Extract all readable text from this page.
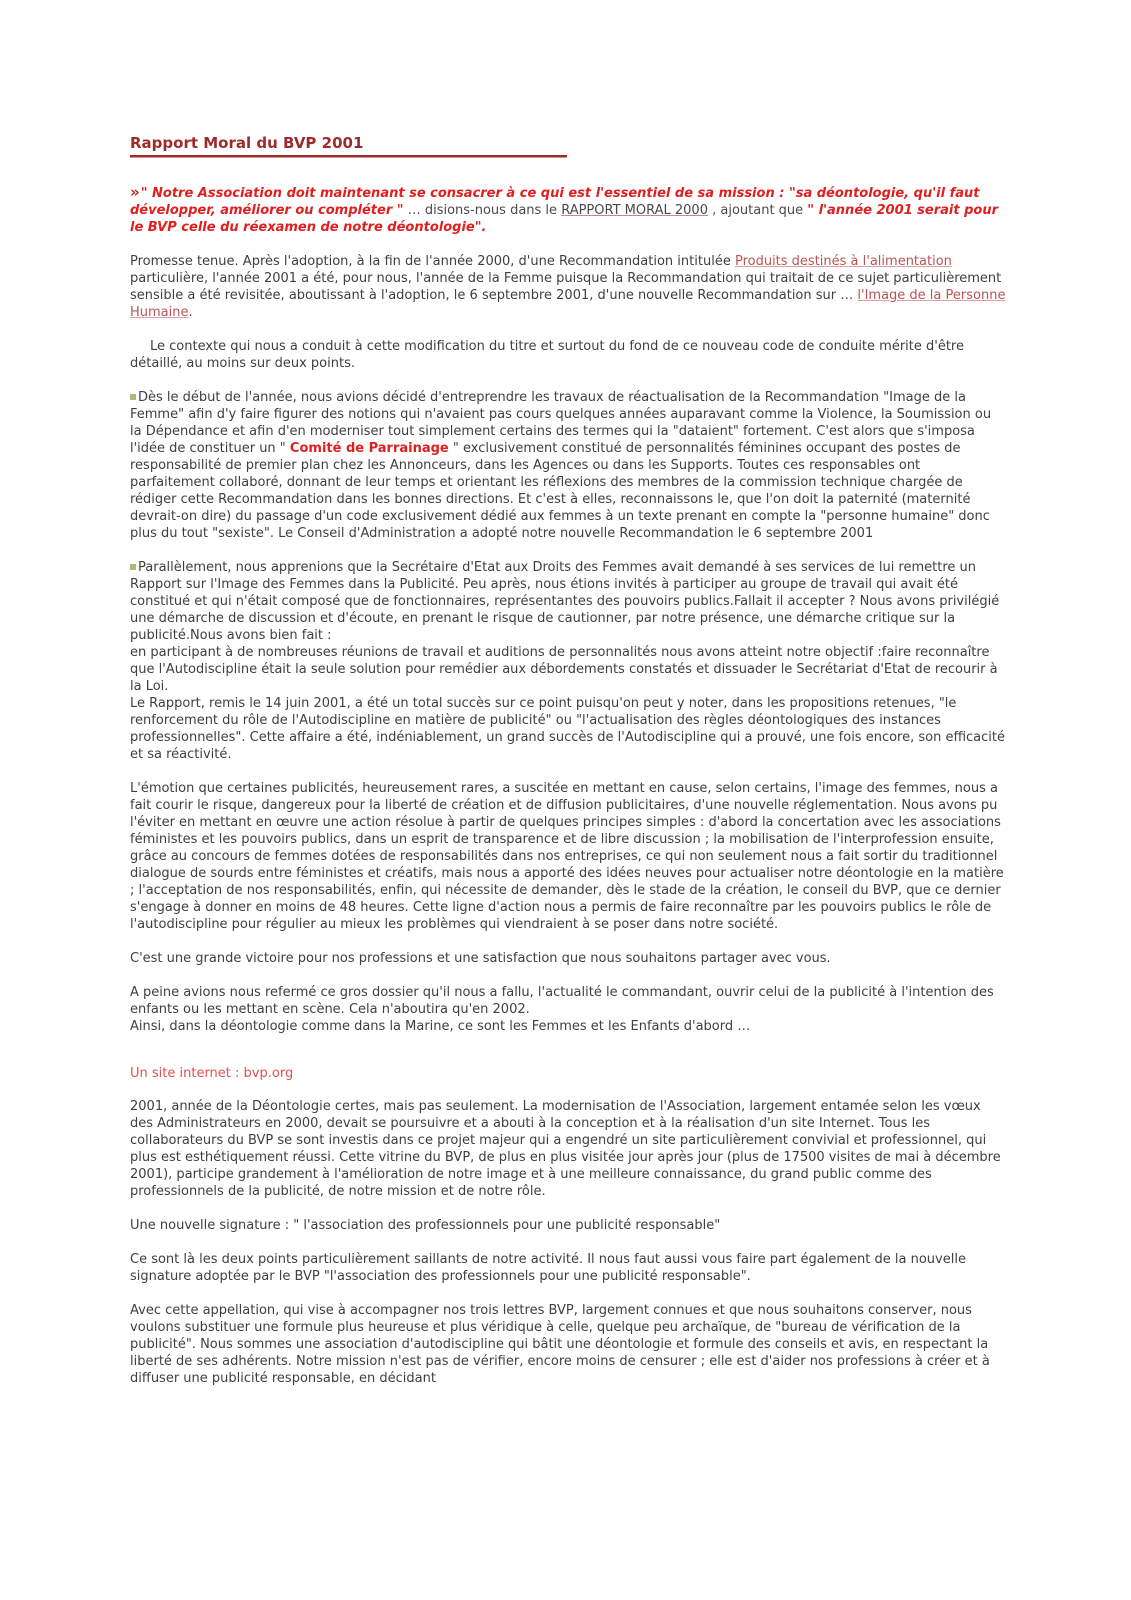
Rapport Moral du BVP 2001

» " Notre Association doit maintenant se consacrer à ce qui est l'essentiel de sa mission : "sa déontologie, qu'il faut développer, améliorer ou compléter " … disions-nous dans le RAPPORT MORAL 2000 , ajoutant que " l'année 2001 serait pour le BVP celle du réexamen de notre déontologie".

Promesse tenue. Après l'adoption, à la fin de l'année 2000, d'une Recommandation intitulée Produits destinés à l'alimentation particulière, l'année 2001 a été, pour nous, l'année de la Femme puisque la Recommandation qui traitait de ce sujet particulièrement sensible a été revisitée, aboutissant à l'adoption, le 6 septembre 2001, d'une nouvelle Recommandation sur … l'Image de la Personne Humaine.

Le contexte qui nous a conduit à cette modification du titre et surtout du fond de ce nouveau code de conduite mérite d'être détaillé, au moins sur deux points.

Dès le début de l'année, nous avions décidé d'entreprendre les travaux de réactualisation de la Recommandation "Image de la Femme" afin d'y faire figurer des notions qui n'avaient pas cours quelques années auparavant comme la Violence, la Soumission ou la Dépendance et afin d'en moderniser tout simplement certains des termes qui la "dataient" fortement. C'est alors que s'imposa l'idée de constituer un " Comité de Parrainage " exclusivement constitué de personnalités féminines occupant des postes de responsabilité de premier plan chez les Annonceurs, dans les Agences ou dans les Supports. Toutes ces responsables ont parfaitement collaboré, donnant de leur temps et orientant les réflexions des membres de la commission technique chargée de rédiger cette Recommandation dans les bonnes directions. Et c'est à elles, reconnaissons le, que l'on doit la paternité (maternité devrait-on dire) du passage d'un code exclusivement dédié aux femmes à un texte prenant en compte la "personne humaine" donc plus du tout "sexiste". Le Conseil d'Administration a adopté notre nouvelle Recommandation le 6 septembre 2001

Parallèlement, nous apprenions que la Secrétaire d'Etat aux Droits des Femmes avait demandé à ses services de lui remettre un Rapport sur l'Image des Femmes dans la Publicité. Peu après, nous étions invités à participer au groupe de travail qui avait été constitué et qui n'était composé que de fonctionnaires, représentantes des pouvoirs publics.Fallait il accepter ? Nous avons privilégié une démarche de discussion et d'écoute, en prenant le risque de cautionner, par notre présence, une démarche critique sur la publicité.Nous avons bien fait :
en participant à de nombreuses réunions de travail et auditions de personnalités nous avons atteint notre objectif :faire reconnaître que l'Autodiscipline était la seule solution pour remédier aux débordements constatés et dissuader le Secrétariat d'Etat de recourir à la Loi.
Le Rapport, remis le 14 juin 2001, a été un total succès sur ce point puisqu'on peut y noter, dans les propositions retenues, "le renforcement du rôle de l'Autodiscipline en matière de publicité" ou "l'actualisation des règles déontologiques des instances professionnelles". Cette affaire a été, indéniablement, un grand succès de l'Autodiscipline qui a prouvé, une fois encore, son efficacité et sa réactivité.

L'émotion que certaines publicités, heureusement rares, a suscitée en mettant en cause, selon certains, l'image des femmes, nous a fait courir le risque, dangereux pour la liberté de création et de diffusion publicitaires, d'une nouvelle réglementation. Nous avons pu l'éviter en mettant en œuvre une action résolue à partir de quelques principes simples : d'abord la concertation avec les associations féministes et les pouvoirs publics, dans un esprit de transparence et de libre discussion ; la mobilisation de l'interprofession ensuite, grâce au concours de femmes dotées de responsabilités dans nos entreprises, ce qui non seulement nous a fait sortir du traditionnel dialogue de sourds entre féministes et créatifs, mais nous a apporté des idées neuves pour actualiser notre déontologie en la matière ; l'acceptation de nos responsabilités, enfin, qui nécessite de demander, dès le stade de la création, le conseil du BVP, que ce dernier s'engage à donner en moins de 48 heures. Cette ligne d'action nous a permis de faire reconnaître par les pouvoirs publics le rôle de l'autodiscipline pour régulier au mieux les problèmes qui viendraient à se poser dans notre société.

C'est une grande victoire pour nos professions et une satisfaction que nous souhaitons partager avec vous.

A peine avions nous refermé ce gros dossier qu'il nous a fallu, l'actualité le commandant, ouvrir celui de la publicité à l'intention des enfants ou les mettant en scène. Cela n'aboutira qu'en 2002.
Ainsi, dans la déontologie comme dans la Marine, ce sont les Femmes et les Enfants d'abord …

Un site internet : bvp.org

2001, année de la Déontologie certes, mais pas seulement. La modernisation de l'Association, largement entamée selon les vœux des Administrateurs en 2000, devait se poursuivre et a abouti à la conception et à la réalisation d'un site Internet. Tous les collaborateurs du BVP se sont investis dans ce projet majeur qui a engendré un site particulièrement convivial et professionnel, qui plus est esthétiquement réussi. Cette vitrine du BVP, de plus en plus visitée jour après jour (plus de 17500 visites de mai à décembre 2001), participe grandement à l'amélioration de notre image et à une meilleure connaissance, du grand public comme des professionnels de la publicité, de notre mission et de notre rôle.

Une nouvelle signature : " l'association des professionnels pour une publicité responsable"

Ce sont là les deux points particulièrement saillants de notre activité. Il nous faut aussi vous faire part également de la nouvelle signature adoptée par le BVP "l'association des professionnels pour une publicité responsable".

Avec cette appellation, qui vise à accompagner nos trois lettres BVP, largement connues et que nous souhaitons conserver, nous voulons substituer une formule plus heureuse et plus véridique à celle, quelque peu archaïque, de "bureau de vérification de la publicité". Nous sommes une association d'autodiscipline qui bâtit une déontologie et formule des conseils et avis, en respectant la liberté de ses adhérents. Notre mission n'est pas de vérifier, encore moins de censurer ; elle est d'aider nos professions à créer et à diffuser une publicité responsable, en décidant
